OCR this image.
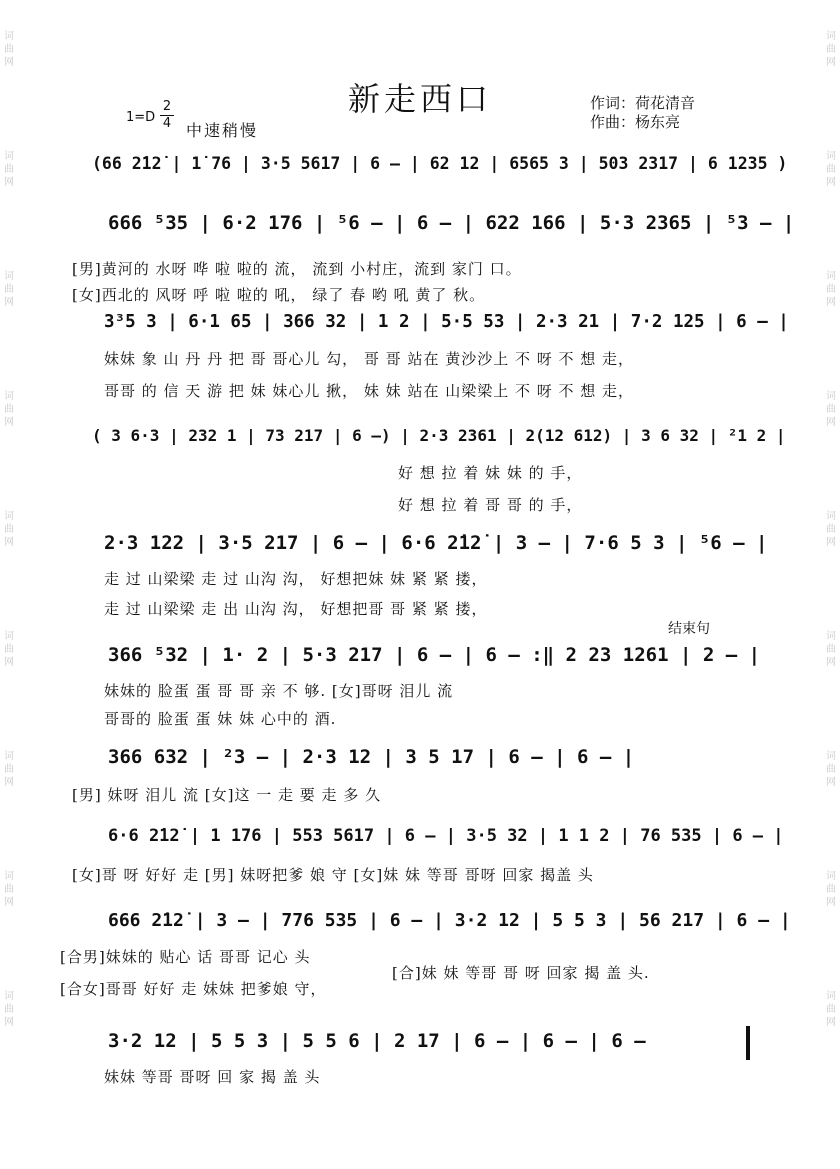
词
曲
网
词
曲
网
词
曲
网
词
曲
网
词
曲
网
词
曲
网
词
曲
网
词
曲
网
词
曲
网
词
曲
网
词
曲
网
词
曲
网
词
曲
网
词
曲
网
词
曲
网
词
曲
网
词
曲
网
词
曲
网
新走西口
1=D
2
4 中速稍慢
作词：荷花清音
作曲：杨东亮
(66 2̇12̇ | 1̇ 76 | 3·5 5617 | 6 — | 62 12 | 6565 3 | 503 2317 | 6 1235 )
666 ⁵35 | 6·2 176 | ⁵6 — | 6 — | 622 166 | 5·3 2365 | ⁵3 — |
[男]黄河的 水呀 哗 啦 啦的 流， 流到 小村庄，流到 家门 口。
[女]西北的 风呀 呼 啦 啦的 吼， 绿了 春 哟 吼 黄了 秋。
3³5 3 | 6·1 65 | 366 32 | 1 2 | 5·5 53 | 2·3 21 | 7·2 125 | 6 — |
妹妹 象 山 丹 丹 把 哥 哥心儿 勾， 哥 哥 站在 黄沙沙上 不 呀 不 想 走，
哥哥 的 信 天 游 把 妹 妹心儿 揪， 妹 妹 站在 山梁梁上 不 呀 不 想 走，
( 3 6·3 | 232 1 | 73 217 | 6 —) | 2·3 2361 | 2(12 612) | 3 6 32 | ²1 2 |
好 想 拉 着 妹 妹 的 手，
好 想 拉 着 哥 哥 的 手，
2·3 122 | 3·5 217 | 6 — | 6·6 2̇12̇ | 3 — | 7·6 5 3 | ⁵6 — |
走 过 山梁梁 走 过 山沟 沟， 好想把妹 妹 紧 紧 搂，
走 过 山梁梁 走 出 山沟 沟， 好想把哥 哥 紧 紧 搂，
结束句
366 ⁵32 | 1· 2 | 5·3 217 | 6 — | 6 — :‖ 2 23 1261 | 2 — |
妹妹的 脸蛋 蛋 哥 哥 亲 不 够. [女]哥呀 泪儿 流
哥哥的 脸蛋 蛋 妹 妹 心中的 酒.
366 632 | ²3 — | 2·3 12 | 3 5 17 | 6 — | 6 — |
[男] 妹呀 泪儿 流 [女]这 一 走 要 走 多 久
6·6 2̇12̇ | 1 176 | 553 5617 | 6 — | 3·5 32 | 1 1 2 | 76 535 | 6 — |
[女]哥 呀 好好 走 [男] 妹呀把爹 娘 守 [女]妹 妹 等哥 哥呀 回家 揭盖 头
666 2̇12̇ | 3 — | 776 535 | 6 — | 3·2 12 | 5 5 3 | 56 217 | 6 — |
[合男]妹妹的 贴心 话 哥哥 记心 头
[合女]哥哥 好好 走 妹妹 把爹娘 守，
[合]妹 妹 等哥 哥 呀 回家 揭 盖 头.
3·2 12 | 5 5 3 | 5 5 6 | 2 17 | 6 — | 6 — | 6 —
妹妹 等哥 哥呀 回 家 揭 盖 头
